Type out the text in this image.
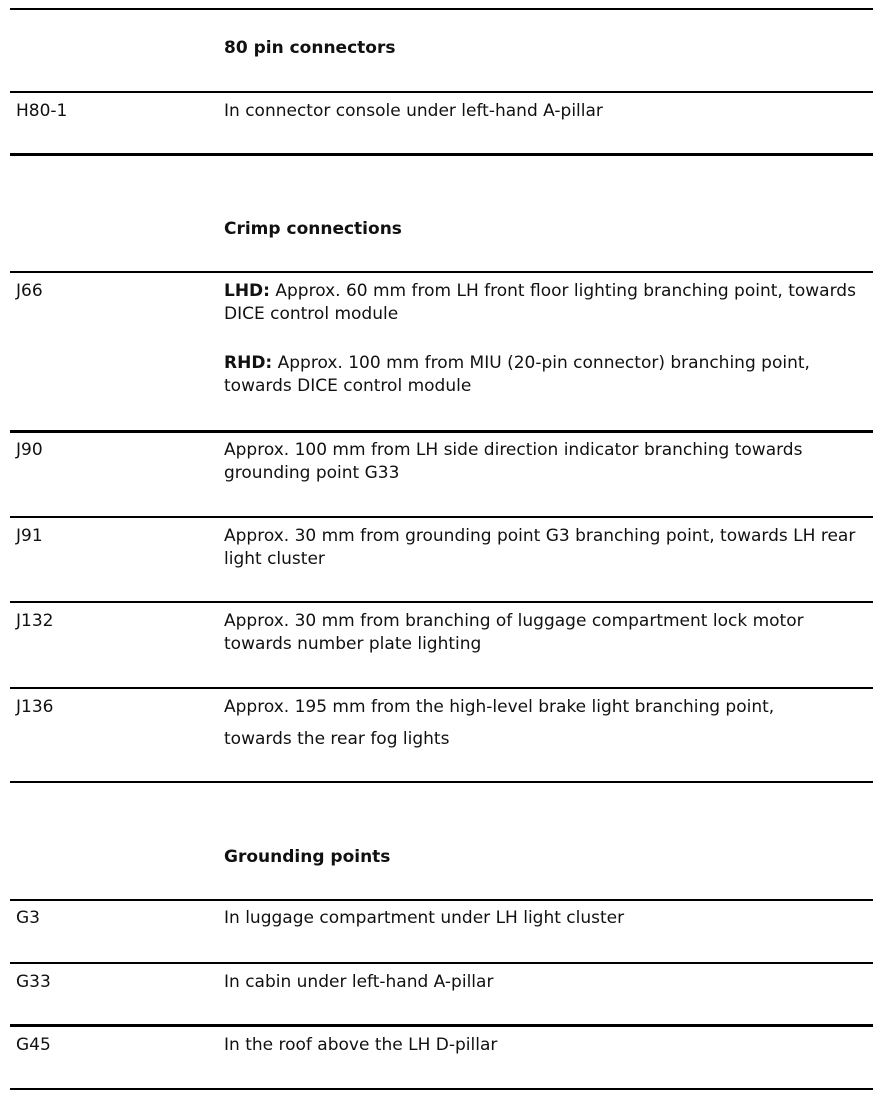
80 pin connectors
H80-1	In connector console under left-hand A-pillar
Crimp connections
J66	LHD: Approx. 60 mm from LH front floor lighting branching point, towards DICE control module
RHD: Approx. 100 mm from MIU (20-pin connector) branching point, towards DICE control module
J90	Approx. 100 mm from LH side direction indicator branching towards grounding point G33
J91	Approx. 30 mm from grounding point G3 branching point, towards LH rear light cluster
J132	Approx. 30 mm from branching of luggage compartment lock motor towards number plate lighting
J136	Approx. 195 mm from the high-level brake light branching point,
towards the rear fog lights
Grounding points
G3	In luggage compartment under LH light cluster
G33	In cabin under left-hand A-pillar
G45	In the roof above the LH D-pillar
